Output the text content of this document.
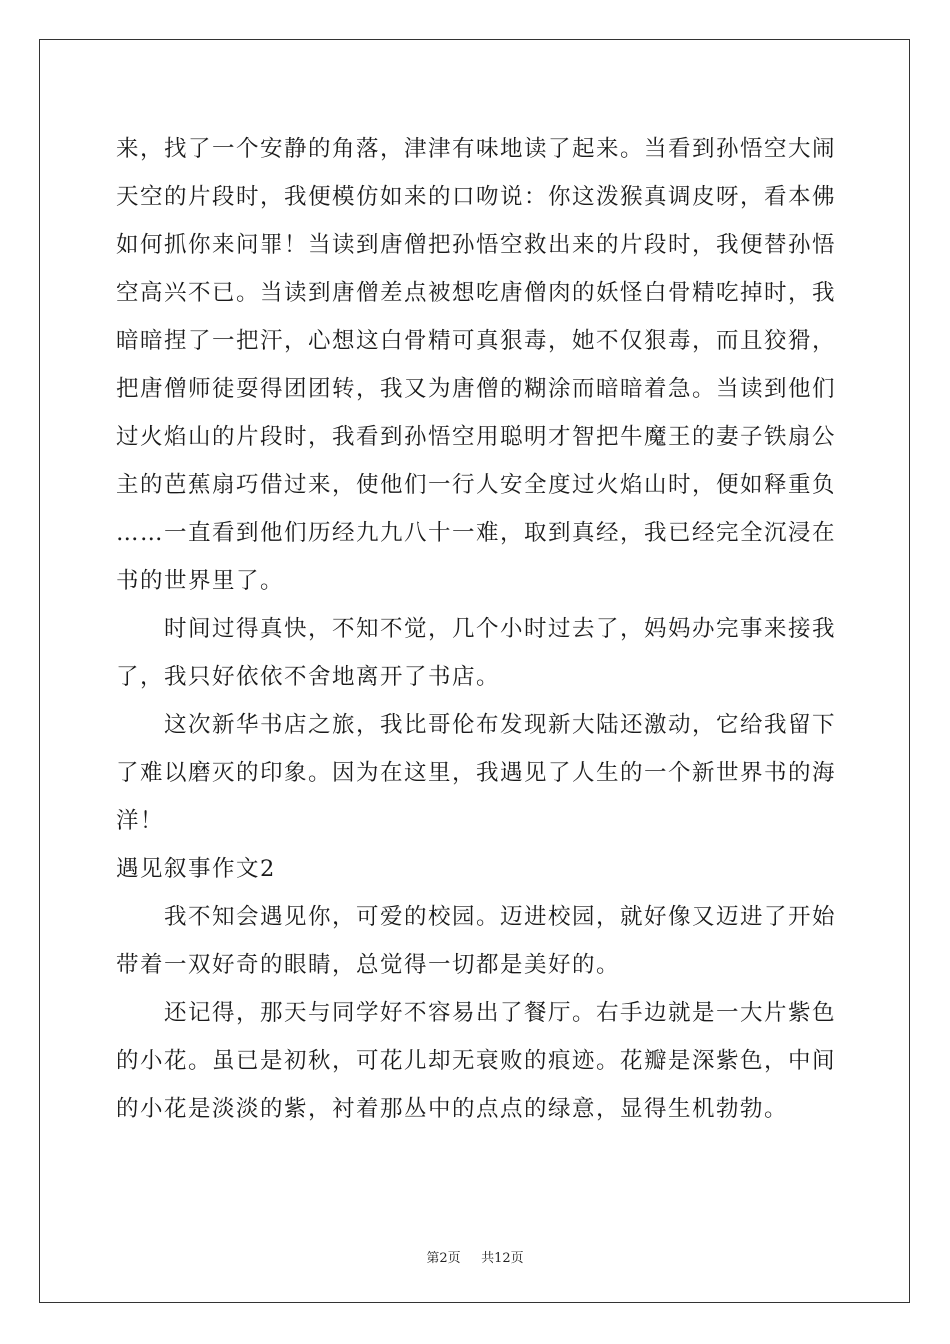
来，找了一个安静的角落，津津有味地读了起来。当看到孙悟空大闹
天空的片段时，我便模仿如来的口吻说：你这泼猴真调皮呀，看本佛
如何抓你来问罪！当读到唐僧把孙悟空救出来的片段时，我便替孙悟
空高兴不已。当读到唐僧差点被想吃唐僧肉的妖怪白骨精吃掉时，我
暗暗捏了一把汗，心想这白骨精可真狠毒，她不仅狠毒，而且狡猾，
把唐僧师徒耍得团团转，我又为唐僧的糊涂而暗暗着急。当读到他们
过火焰山的片段时，我看到孙悟空用聪明才智把牛魔王的妻子铁扇公
主的芭蕉扇巧借过来，使他们一行人安全度过火焰山时，便如释重负
……一直看到他们历经九九八十一难，取到真经，我已经完全沉浸在
书的世界里了。
时间过得真快，不知不觉，几个小时过去了，妈妈办完事来接我
了，我只好依依不舍地离开了书店。
这次新华书店之旅，我比哥伦布发现新大陆还激动，它给我留下
了难以磨灭的印象。因为在这里，我遇见了人生的一个新世界书的海
洋！
遇见叙事作文2
我不知会遇见你，可爱的校园。迈进校园，就好像又迈进了开始
带着一双好奇的眼睛，总觉得一切都是美好的。
还记得，那天与同学好不容易出了餐厅。右手边就是一大片紫色
的小花。虽已是初秋，可花儿却无衰败的痕迹。花瓣是深紫色，中间
的小花是淡淡的紫，衬着那丛中的点点的绿意，显得生机勃勃。
第2页 共12页
